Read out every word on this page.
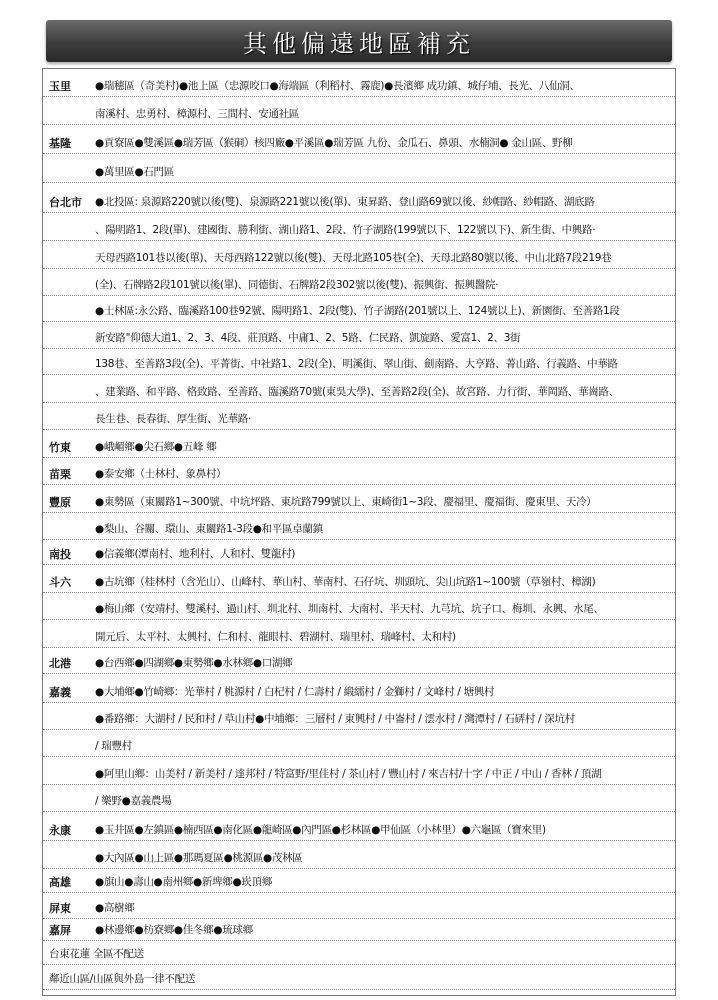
其他偏遠地區補充
玉里 ●瑞穗區（奇美村)●池上區（忠源咬口●海端區（利稻村、霧鹿)●長濱鄉 成功鎮、城仔埔、長光、八仙洞、
南溪村、忠勇村、樟源村、三間村、安通社區
基隆 ●貢寮區●雙溪區●瑞芳區（猴硐）核四廠●平溪區●瑞芳區 九份、金瓜石、鼻頭、水楠洞● 金山區、野柳
●萬里區●石門區
台北市 ●北投區: 泉源路220號以後(雙)、泉源路221號以後(單)、東昇路、登山路69號以後、紗帽路、紗帽路、湖底路
、陽明路1、2段(單)、建國街、勝利街、湖山路1、2段、竹子湖路(199號以下、122號以下)、新生街、中興路·
天母西路101巷以後(單)、天母西路122號以後(雙)、天母北路105巷(全)、天母北路80號以後、中山北路7段219巷
(全)、石牌路2段101號以後(單)、同德街、石牌路2段302號以後(雙)、振興街、振興醫院·
●士林區:永公路、臨溪路100巷92號、陽明路1、2段(雙)、竹子湖路(201號以上、124號以上)、新園街、至善路1段
新安路"仰德大道1、2、3、4段、莊頂路、中庸1、2、5路、仁民路、凱旋路、愛富1、2、3街
138巷、至善路3段(全)、平菁街、中社路1、2段(全)、明溪街、翠山街、劍南路、大亨路、菁山路、行義路、中華路
、建業路、和平路、格致路、至善路、臨溪路70號(東吳大學)、至善路2段(全)、故宮路、力行街、華岡路、華崗路、
長生巷、長春街、厚生街、光華路·
竹東 ●峨嵋鄉●尖石鄉●五峰 鄉
苗栗 ●泰安鄉（士林村、象鼻村）
豐原 ●東勢區（東關路1~300號、中坑坪路、東坑路799號以上、東崎街1~3段、慶福里、慶福街、慶東里、天冷）
●梨山、谷關、環山、東關路1-3段●和平區卓蘭鎮
南投 ●信義鄉(潭南村、地利村、人和村、雙龍村)
斗六 ●古坑鄉（桂林村（含光山）、山峰村、華山村、華南村、石仔坑、圳頭坑、尖山坑路1~100號（草嶺村、樟湖)
●梅山鄉（安靖村、雙溪村、過山村、圳北村、圳南村、大南村、半天村、九芎坑、坑子口、梅圳、永興、水尾、
開元后、太平村、太興村、仁和村、龍眼村、碧湖村、瑞里村、瑞峰村、太和村)
北港 ●台西鄉●四湖鄉●東勢鄉●水林鄉●口湖鄉
嘉義 ●大埔鄉●竹崎鄉：光華村 / 桃源村 / 白杞村 / 仁壽村 / 緞繻村 / 金獅村 / 文峰村 / 塘興村
●番路鄉：大湖村 / 民和村 / 草山村●中埔鄉：三層村 / 東興村 / 中崙村 / 澐水村 / 灣潭村 / 石硦村 / 深坑村
/ 瑞豐村
●阿里山鄉：山美村 / 新美村 / 達邦村 / 特富野/里佳村 / 茶山村 / 豐山村 / 來吉村/十字 / 中正 / 中山 / 香林 / 頂湖
/ 樂野●嘉義農場
永康 ●玉井區●左鎮區●楠西區●南化區●龍崎區●內門區●杉林區●甲仙區（小林里）●六龜區（寶來里)
●大內區●山上區●那瑪夏區●桃源區●茂林區
高雄 ●旗山●壽山●南州鄉●新埤鄉●崁頂鄉
屏東 ●高樹鄉
嘉屏 ●林邊鄉●枋寮鄉●佳冬鄉●琉球鄉
台東花蓮 全區不配送
鄰近山區/山區與外島一律不配送
